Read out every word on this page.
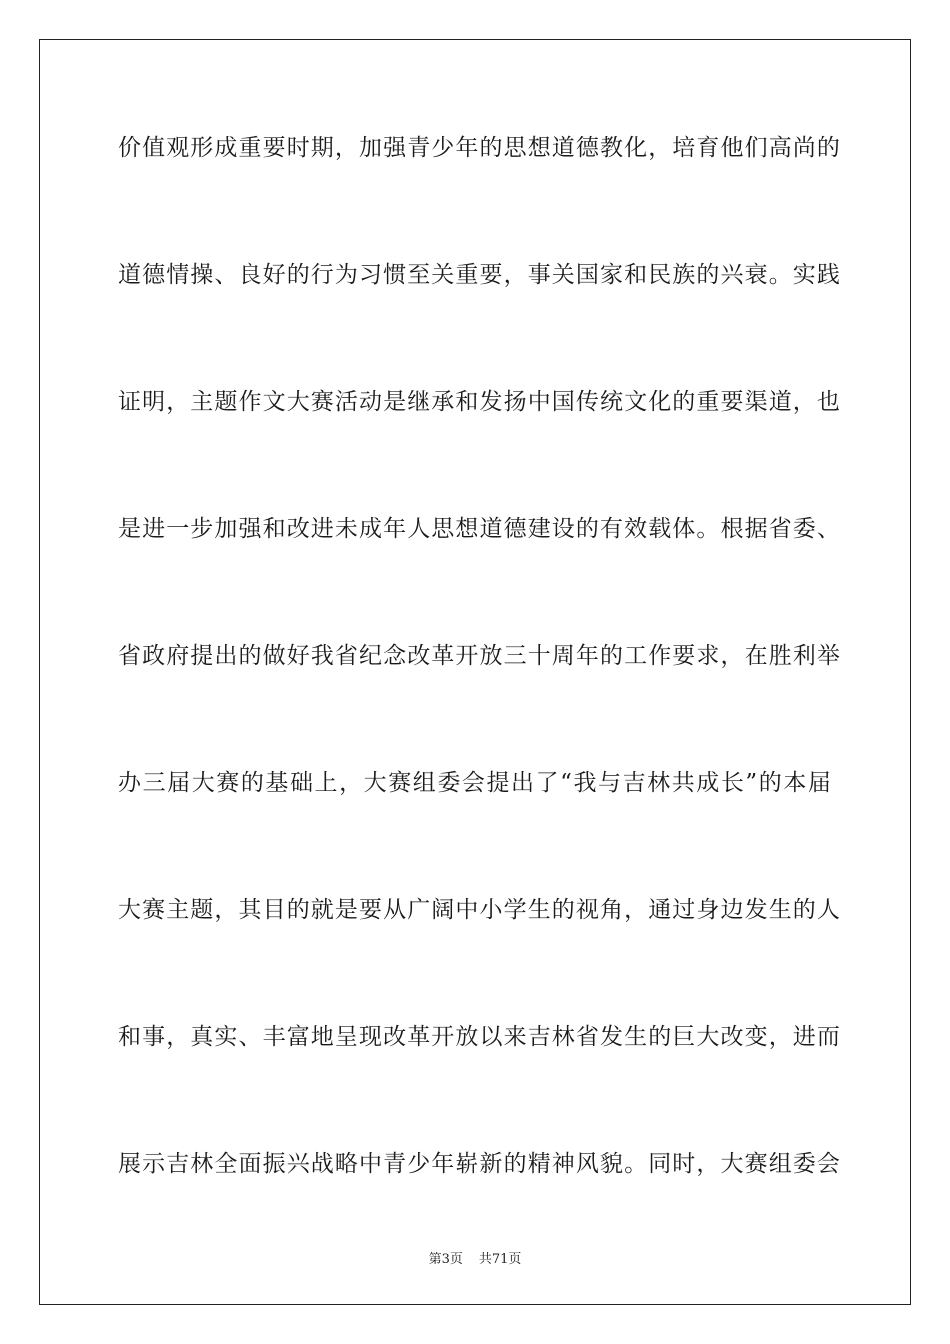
价值观形成重要时期，加强青少年的思想道德教化，培育他们高尚的
道德情操、良好的行为习惯至关重要，事关国家和民族的兴衰。实践
证明，主题作文大赛活动是继承和发扬中国传统文化的重要渠道，也
是进一步加强和改进未成年人思想道德建设的有效载体。根据省委、
省政府提出的做好我省纪念改革开放三十周年的工作要求，在胜利举
办三届大赛的基础上，大赛组委会提出了“我与吉林共成长”的本届
大赛主题，其目的就是要从广阔中小学生的视角，通过身边发生的人
和事，真实、丰富地呈现改革开放以来吉林省发生的巨大改变，进而
展示吉林全面振兴战略中青少年崭新的精神风貌。同时，大赛组委会
第3页 共71页
